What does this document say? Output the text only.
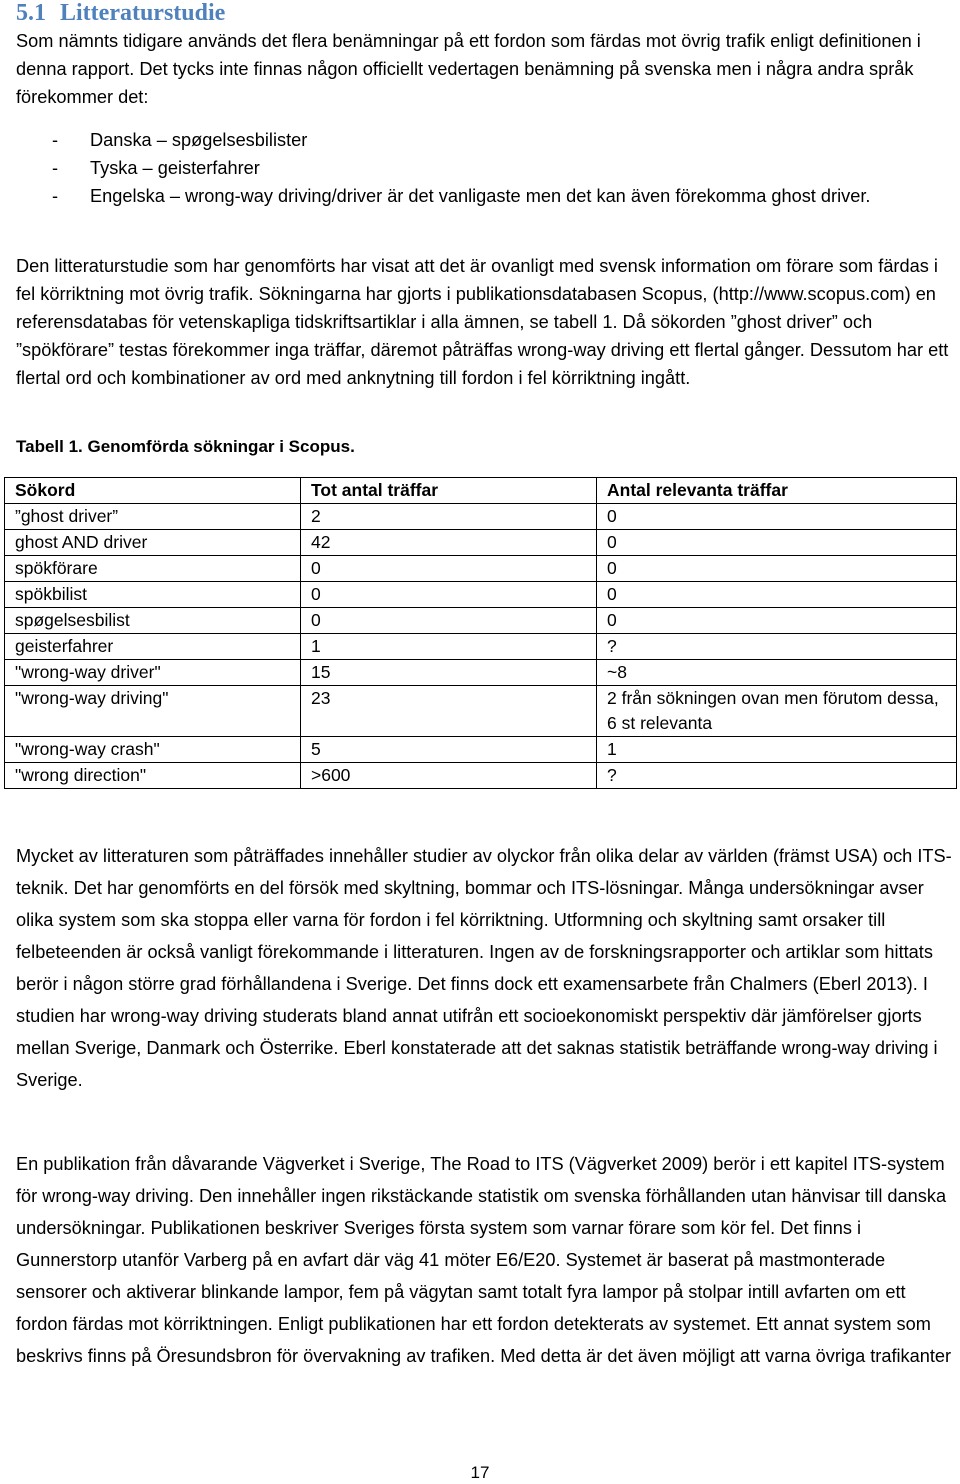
5.1 Litteraturstudie

Som nämnts tidigare används det flera benämningar på ett fordon som färdas mot övrig trafik enligt definitionen i denna rapport. Det tycks inte finnas någon officiellt vedertagen benämning på svenska men i några andra språk förekommer det:

- Danska – spøgelsesbilister
- Tyska – geisterfahrer
- Engelska – wrong-way driving/driver är det vanligaste men det kan även förekomma ghost driver.

Den litteraturstudie som har genomförts har visat att det är ovanligt med svensk information om förare som färdas i fel körriktning mot övrig trafik. Sökningarna har gjorts i publikationsdatabasen Scopus, (http://www.scopus.com) en referensdatabas för vetenskapliga tidskriftsartiklar i alla ämnen, se tabell 1. Då sökorden ”ghost driver” och ”spökförare” testas förekommer inga träffar, däremot påträffas wrong-way driving ett flertal gånger. Dessutom har ett flertal ord och kombinationer av ord med anknytning till fordon i fel körriktning ingått.

Tabell 1. Genomförda sökningar i Scopus.

Sökord	Tot antal träffar	Antal relevanta träffar
”ghost driver”	2	0
ghost AND driver	42	0
spökförare	0	0
spökbilist	0	0
spøgelsesbilist	0	0
geisterfahrer	1	?
"wrong-way driver"	15	~8
"wrong-way driving"	23	2 från sökningen ovan men förutom dessa, 6 st relevanta
"wrong-way crash"	5	1
"wrong direction"	>600	?

Mycket av litteraturen som påträffades innehåller studier av olyckor från olika delar av världen (främst USA) och ITS-teknik. Det har genomförts en del försök med skyltning, bommar och ITS-lösningar. Många undersökningar avser olika system som ska stoppa eller varna för fordon i fel körriktning. Utformning och skyltning samt orsaker till felbeteenden är också vanligt förekommande i litteraturen. Ingen av de forskningsrapporter och artiklar som hittats berör i någon större grad förhållandena i Sverige. Det finns dock ett examensarbete från Chalmers (Eberl 2013). I studien har wrong-way driving studerats bland annat utifrån ett socioekonomiskt perspektiv där jämförelser gjorts mellan Sverige, Danmark och Österrike. Eberl konstaterade att det saknas statistik beträffande wrong-way driving i Sverige.

En publikation från dåvarande Vägverket i Sverige, The Road to ITS (Vägverket 2009) berör i ett kapitel ITS-system för wrong-way driving. Den innehåller ingen rikstäckande statistik om svenska förhållanden utan hänvisar till danska undersökningar. Publikationen beskriver Sveriges första system som varnar förare som kör fel. Det finns i Gunnerstorp utanför Varberg på en avfart där väg 41 möter E6/E20. Systemet är baserat på mastmonterade sensorer och aktiverar blinkande lampor, fem på vägytan samt totalt fyra lampor på stolpar intill avfarten om ett fordon färdas mot körriktningen. Enligt publikationen har ett fordon detekterats av systemet. Ett annat system som beskrivs finns på Öresundsbron för övervakning av trafiken. Med detta är det även möjligt att varna övriga trafikanter

17
